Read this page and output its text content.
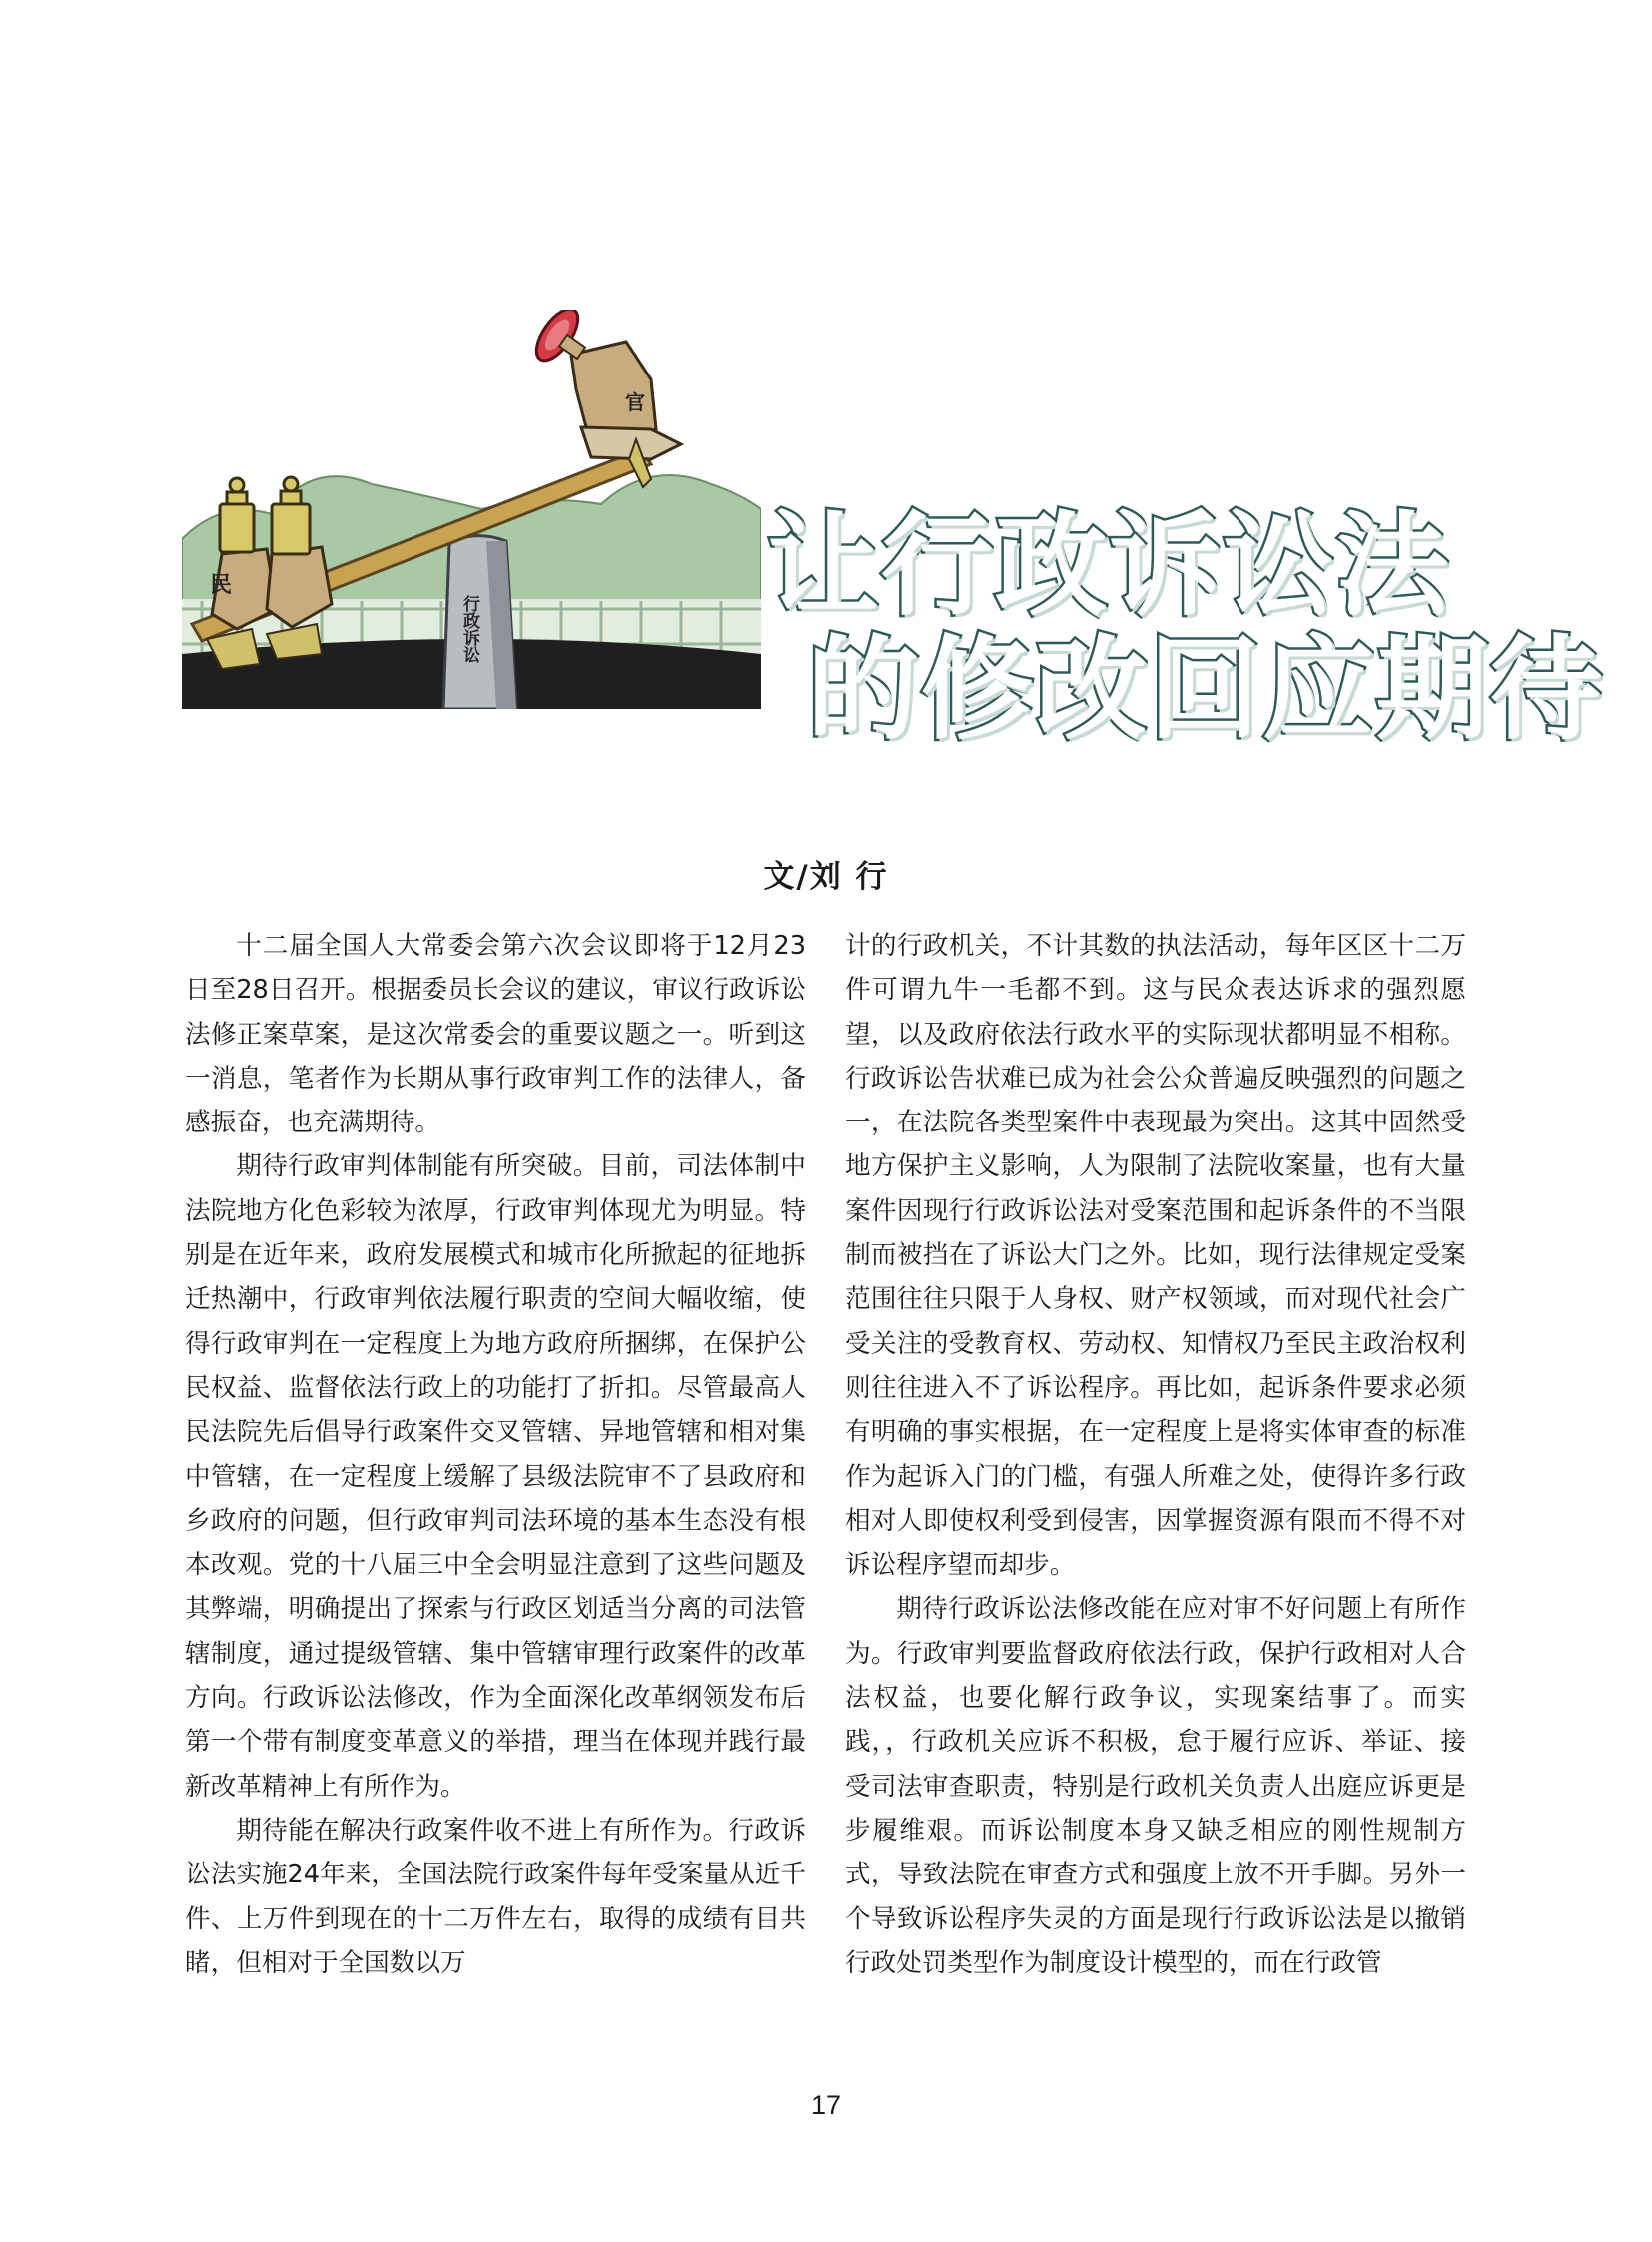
行政诉讼
民
官
让行政诉讼法
的修改回应期待
文/刘 行

十二届全国人大常委会第六次会议即将于12月23日至28日召开。根据委员长会议的建议，审议行政诉讼法修正案草案，是这次常委会的重要议题之一。听到这一消息，笔者作为长期从事行政审判工作的法律人，备感振奋，也充满期待。

期待行政审判体制能有所突破。目前，司法体制中法院地方化色彩较为浓厚，行政审判体现尤为明显。特别是在近年来，政府发展模式和城市化所掀起的征地拆迁热潮中，行政审判依法履行职责的空间大幅收缩，使得行政审判在一定程度上为地方政府所捆绑，在保护公民权益、监督依法行政上的功能打了折扣。尽管最高人民法院先后倡导行政案件交叉管辖、异地管辖和相对集中管辖，在一定程度上缓解了县级法院审不了县政府和乡政府的问题，但行政审判司法环境的基本生态没有根本改观。党的十八届三中全会明显注意到了这些问题及其弊端，明确提出了探索与行政区划适当分离的司法管辖制度，通过提级管辖、集中管辖审理行政案件的改革方向。行政诉讼法修改，作为全面深化改革纲领发布后第一个带有制度变革意义的举措，理当在体现并践行最新改革精神上有所作为。

期待能在解决行政案件收不进上有所作为。行政诉讼法实施24年来，全国法院行政案件每年受案量从近千件、上万件到现在的十二万件左右，取得的成绩有目共睹，但相对于全国数以万

计的行政机关，不计其数的执法活动，每年区区十二万件可谓九牛一毛都不到。这与民众表达诉求的强烈愿望，以及政府依法行政水平的实际现状都明显不相称。行政诉讼告状难已成为社会公众普遍反映强烈的问题之一，在法院各类型案件中表现最为突出。这其中固然受地方保护主义影响，人为限制了法院收案量，也有大量案件因现行行政诉讼法对受案范围和起诉条件的不当限制而被挡在了诉讼大门之外。比如，现行法律规定受案范围往往只限于人身权、财产权领域，而对现代社会广受关注的受教育权、劳动权、知情权乃至民主政治权利则往往进入不了诉讼程序。再比如，起诉条件要求必须有明确的事实根据，在一定程度上是将实体审查的标准作为起诉入门的门槛，有强人所难之处，使得许多行政相对人即使权利受到侵害，因掌握资源有限而不得不对诉讼程序望而却步。

期待行政诉讼法修改能在应对审不好问题上有所作为。行政审判要监督政府依法行政，保护行政相对人合法权益，也要化解行政争议，实现案结事了。而实践，，行政机关应诉不积极，怠于履行应诉、举证、接受司法审查职责，特别是行政机关负责人出庭应诉更是步履维艰。而诉讼制度本身又缺乏相应的刚性规制方式，导致法院在审查方式和强度上放不开手脚。另外一个导致诉讼程序失灵的方面是现行行政诉讼法是以撤销行政处罚类型作为制度设计模型的，而在行政管

17
